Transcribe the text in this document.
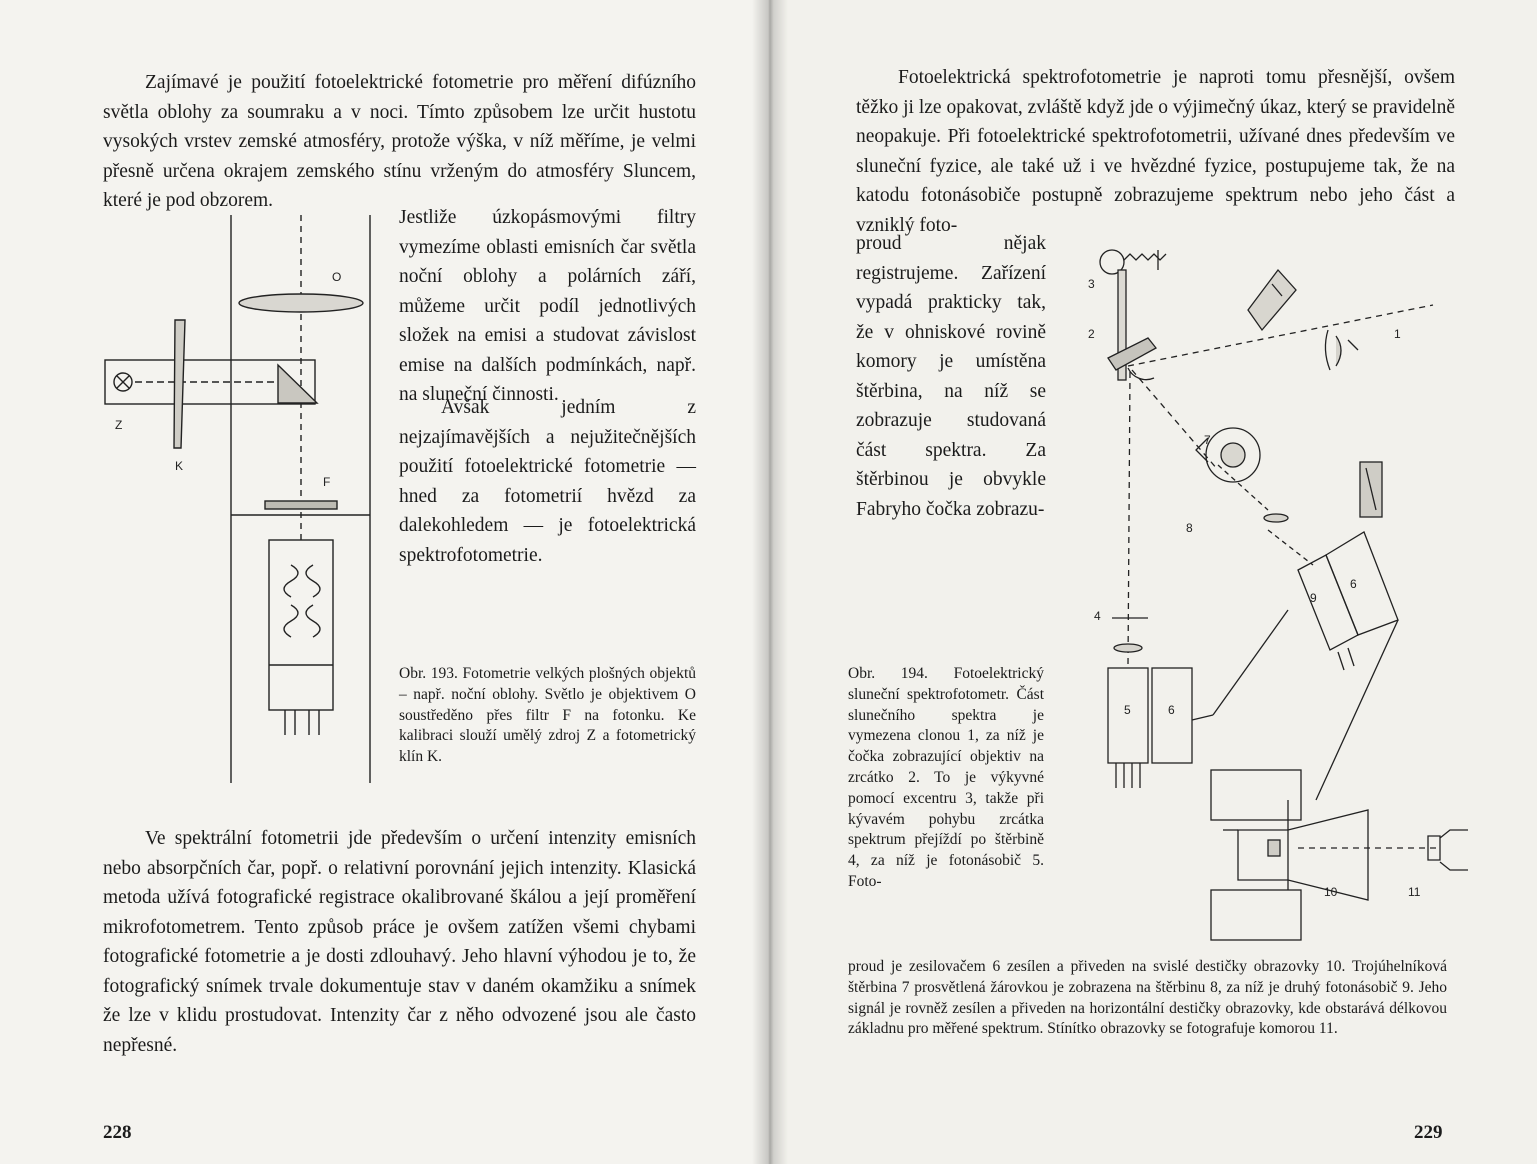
Zajímavé je použití fotoelektrické fotometrie pro měření difúzního světla oblohy za soumraku a v noci. Tímto způsobem lze určit hustotu vysokých vrstev zemské atmosféry, protože výška, v níž měříme, je velmi přesně určena okrajem zemského stínu vrženým do atmosféry Sluncem, které je pod obzorem.
O
Z
K
F
Jestliže úzkopásmovými filtry vymezíme oblasti emisních čar světla noční oblohy a polárních září, můžeme určit podíl jednotlivých složek na emisi a studovat závislost emise na dalších podmínkách, např. na sluneční činnosti.
Avšak jedním z nejzajímavějších a nejužitečnějších použití fotoelektrické fotometrie — hned za fotometrií hvězd za dalekohledem — je fotoelektrická spektrofotometrie.
Obr. 193. Fotometrie velkých plošných objektů – např. noční oblohy. Světlo je objektivem O soustředěno přes filtr F na fotonku. Ke kalibraci slouží umělý zdroj Z a fotometrický klín K.
Ve spektrální fotometrii jde především o určení intenzity emisních nebo absorpčních čar, popř. o relativní porovnání jejich intenzity. Klasická metoda užívá fotografické registrace okalibrované škálou a její proměření mikrofotometrem. Tento způsob práce je ovšem zatížen všemi chybami fotografické fotometrie a je dosti zdlouhavý. Jeho hlavní výhodou je to, že fotografický snímek trvale dokumentuje stav v daném okamžiku a snímek že lze v klidu prostudovat. Intenzity čar z něho odvozené jsou ale často nepřesné.
228
Fotoelektrická spektrofotometrie je naproti tomu přesnější, ovšem těžko ji lze opakovat, zvláště když jde o výjimečný úkaz, který se pravidelně neopakuje. Při fotoelektrické spektrofotometrii, užívané dnes především ve sluneční fyzice, ale také už i ve hvězdné fyzice, postupujeme tak, že na katodu fotonásobiče postupně zobrazujeme spektrum nebo jeho část a vzniklý foto-
proud nějak registrujeme. Zařízení vypadá prakticky tak, že v ohniskové rovině komory je umístěna štěrbina, na níž se zobrazuje studovaná část spektra. Za štěrbinou je obvykle Fabryho čočka zobrazu-
1
2
3
4
5	6
7
8
9
6
10	11
Obr. 194. Fotoelektrický sluneční spektrofotometr. Část slunečního spektra je vymezena clonou 1, za níž je čočka zobrazující objektiv na zrcátko 2. To je výkyvné pomocí excentru 3, takže při kývavém pohybu zrcátka spektrum přejíždí po štěrbině 4, za níž je fotonásobič 5. Foto-
proud je zesilovačem 6 zesílen a přiveden na svislé destičky obrazovky 10. Trojúhelníková štěrbina 7 prosvětlená žárovkou je zobrazena na štěrbinu 8, za níž je druhý fotonásobič 9. Jeho signál je rovněž zesílen a přiveden na horizontální destičky obrazovky, kde obstarává délkovou základnu pro měřené spektrum. Stínítko obrazovky se fotografuje komorou 11.
229
